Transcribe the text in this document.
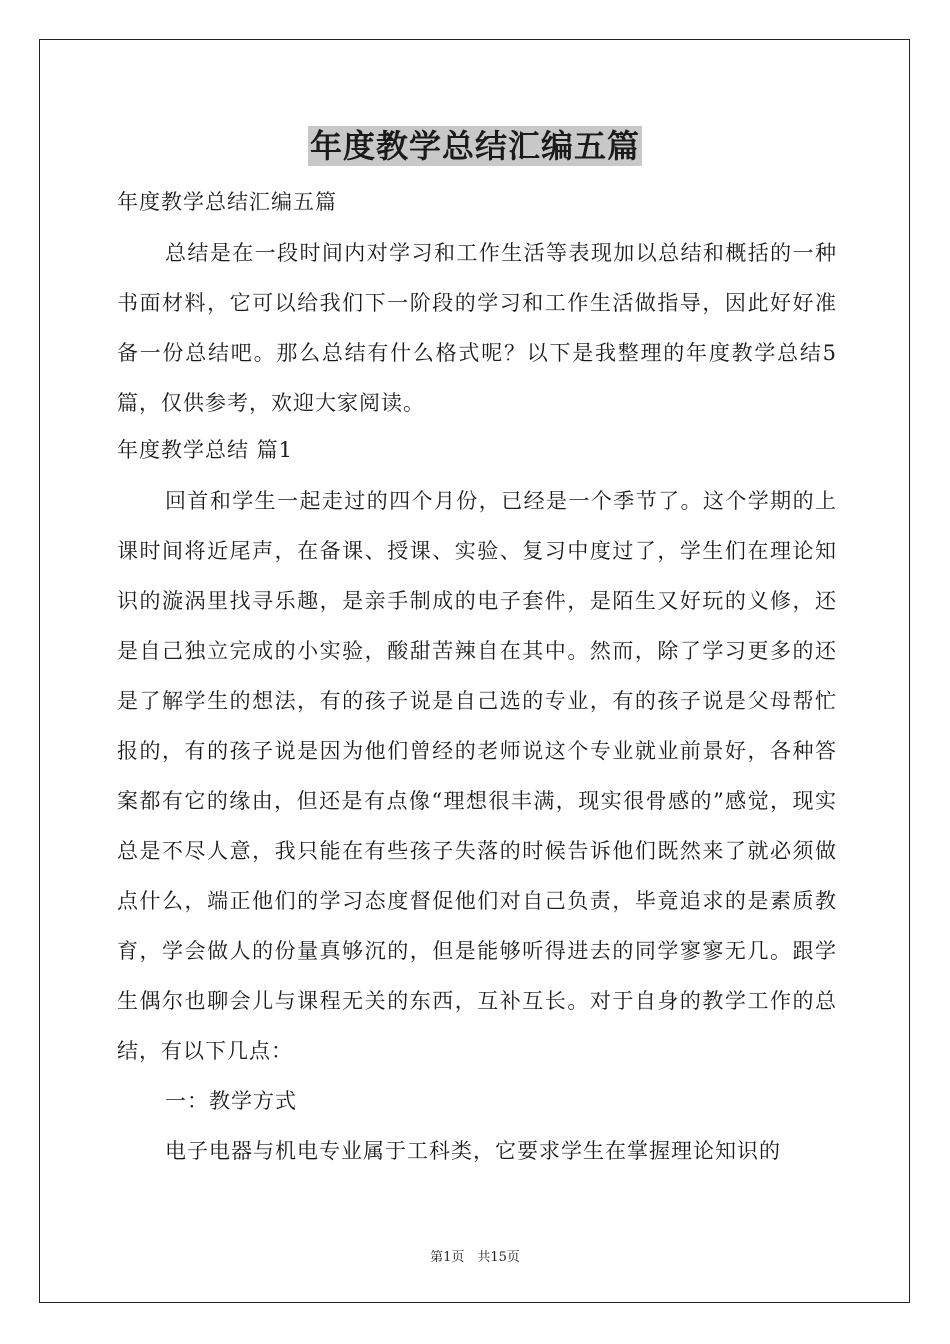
年度教学总结汇编五篇

年度教学总结汇编五篇

总结是在一段时间内对学习和工作生活等表现加以总结和概括的一种书面材料，它可以给我们下一阶段的学习和工作生活做指导，因此好好准备一份总结吧。那么总结有什么格式呢？以下是我整理的年度教学总结5篇，仅供参考，欢迎大家阅读。

年度教学总结 篇1

回首和学生一起走过的四个月份，已经是一个季节了。这个学期的上课时间将近尾声，在备课、授课、实验、复习中度过了，学生们在理论知识的漩涡里找寻乐趣，是亲手制成的电子套件，是陌生又好玩的义修，还是自己独立完成的小实验，酸甜苦辣自在其中。然而，除了学习更多的还是了解学生的想法，有的孩子说是自己选的专业，有的孩子说是父母帮忙报的，有的孩子说是因为他们曾经的老师说这个专业就业前景好，各种答案都有它的缘由，但还是有点像“理想很丰满，现实很骨感的”感觉，现实总是不尽人意，我只能在有些孩子失落的时候告诉他们既然来了就必须做点什么，端正他们的学习态度督促他们对自己负责，毕竟追求的是素质教育，学会做人的份量真够沉的，但是能够听得进去的同学寥寥无几。跟学生偶尔也聊会儿与课程无关的东西，互补互长。对于自身的教学工作的总结，有以下几点：

一：教学方式

电子电器与机电专业属于工科类，它要求学生在掌握理论知识的

第1页　共15页
